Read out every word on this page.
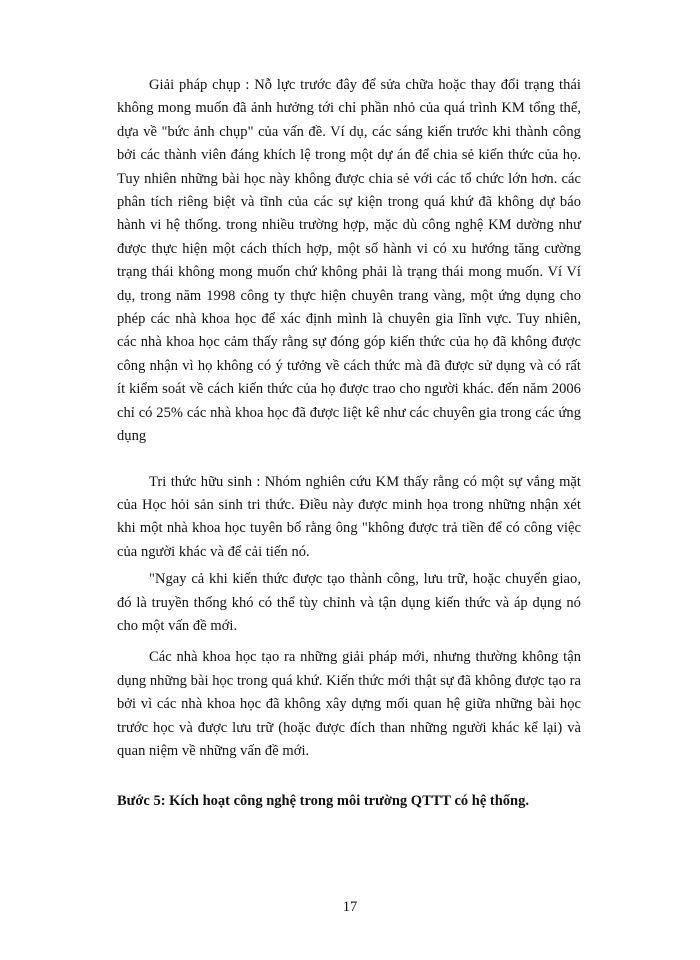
Giải pháp chụp : Nỗ lực trước đây để sửa chữa hoặc thay đổi trạng thái không mong muốn đã ảnh hưởng tới chỉ phần nhỏ của quá trình KM tổng thể, dựa về "bức ảnh chụp" của vấn đề. Ví dụ, các sáng kiến trước khi thành công bởi các thành viên đáng khích lệ trong một dự án để chia sẻ kiến thức của họ. Tuy nhiên những bài học này không được chia sẻ với các tổ chức lớn hơn. các phân tích riêng biệt và tĩnh của các sự kiện trong quá khứ đã không dự báo hành vi hệ thống. trong nhiều trường hợp, mặc dù công nghệ KM dường như được thực hiện một cách thích hợp, một số hành vi có xu hướng tăng cường trạng thái không mong muốn chứ không phải là trạng thái mong muốn. Ví Ví dụ, trong năm 1998 công ty thực hiện chuyên trang vàng, một ứng dụng cho phép các nhà khoa học để xác định mình là chuyên gia lĩnh vực. Tuy nhiên, các nhà khoa học cảm thấy rằng sự đóng góp kiến thức của họ đã không được công nhận vì họ không có ý tưởng về cách thức mà đã được sử dụng và có rất ít kiểm soát về cách kiến thức của họ được trao cho người khác. đến năm 2006 chỉ có 25% các nhà khoa học đã được liệt kê như các chuyên gia trong các ứng dụng

Tri thức hữu sinh : Nhóm nghiên cứu KM thấy rằng có một sự vắng mặt của Học hỏi sản sinh tri thức. Điều này được minh họa trong những nhận xét khi một nhà khoa học tuyên bố rằng ông "không được trả tiền để có công việc của người khác và để cải tiến nó.

"Ngay cả khi kiến thức được tạo thành công, lưu trữ, hoặc chuyển giao, đó là truyền thống khó có thể tùy chỉnh và tận dụng kiến thức và áp dụng nó cho một vấn đề mới.

Các nhà khoa học tạo ra những giải pháp mới, nhưng thường không tận dụng những bài học trong quá khứ. Kiến thức mới thật sự đã không được tạo ra bởi vì các nhà khoa học đã không xây dựng mối quan hệ giữa những bài học trước học và được lưu trữ (hoặc được đích than những người khác kể lại) và quan niệm về những vấn đề mới.

Bước 5: Kích hoạt công nghệ trong môi trường QTTT có hệ thống.

17
